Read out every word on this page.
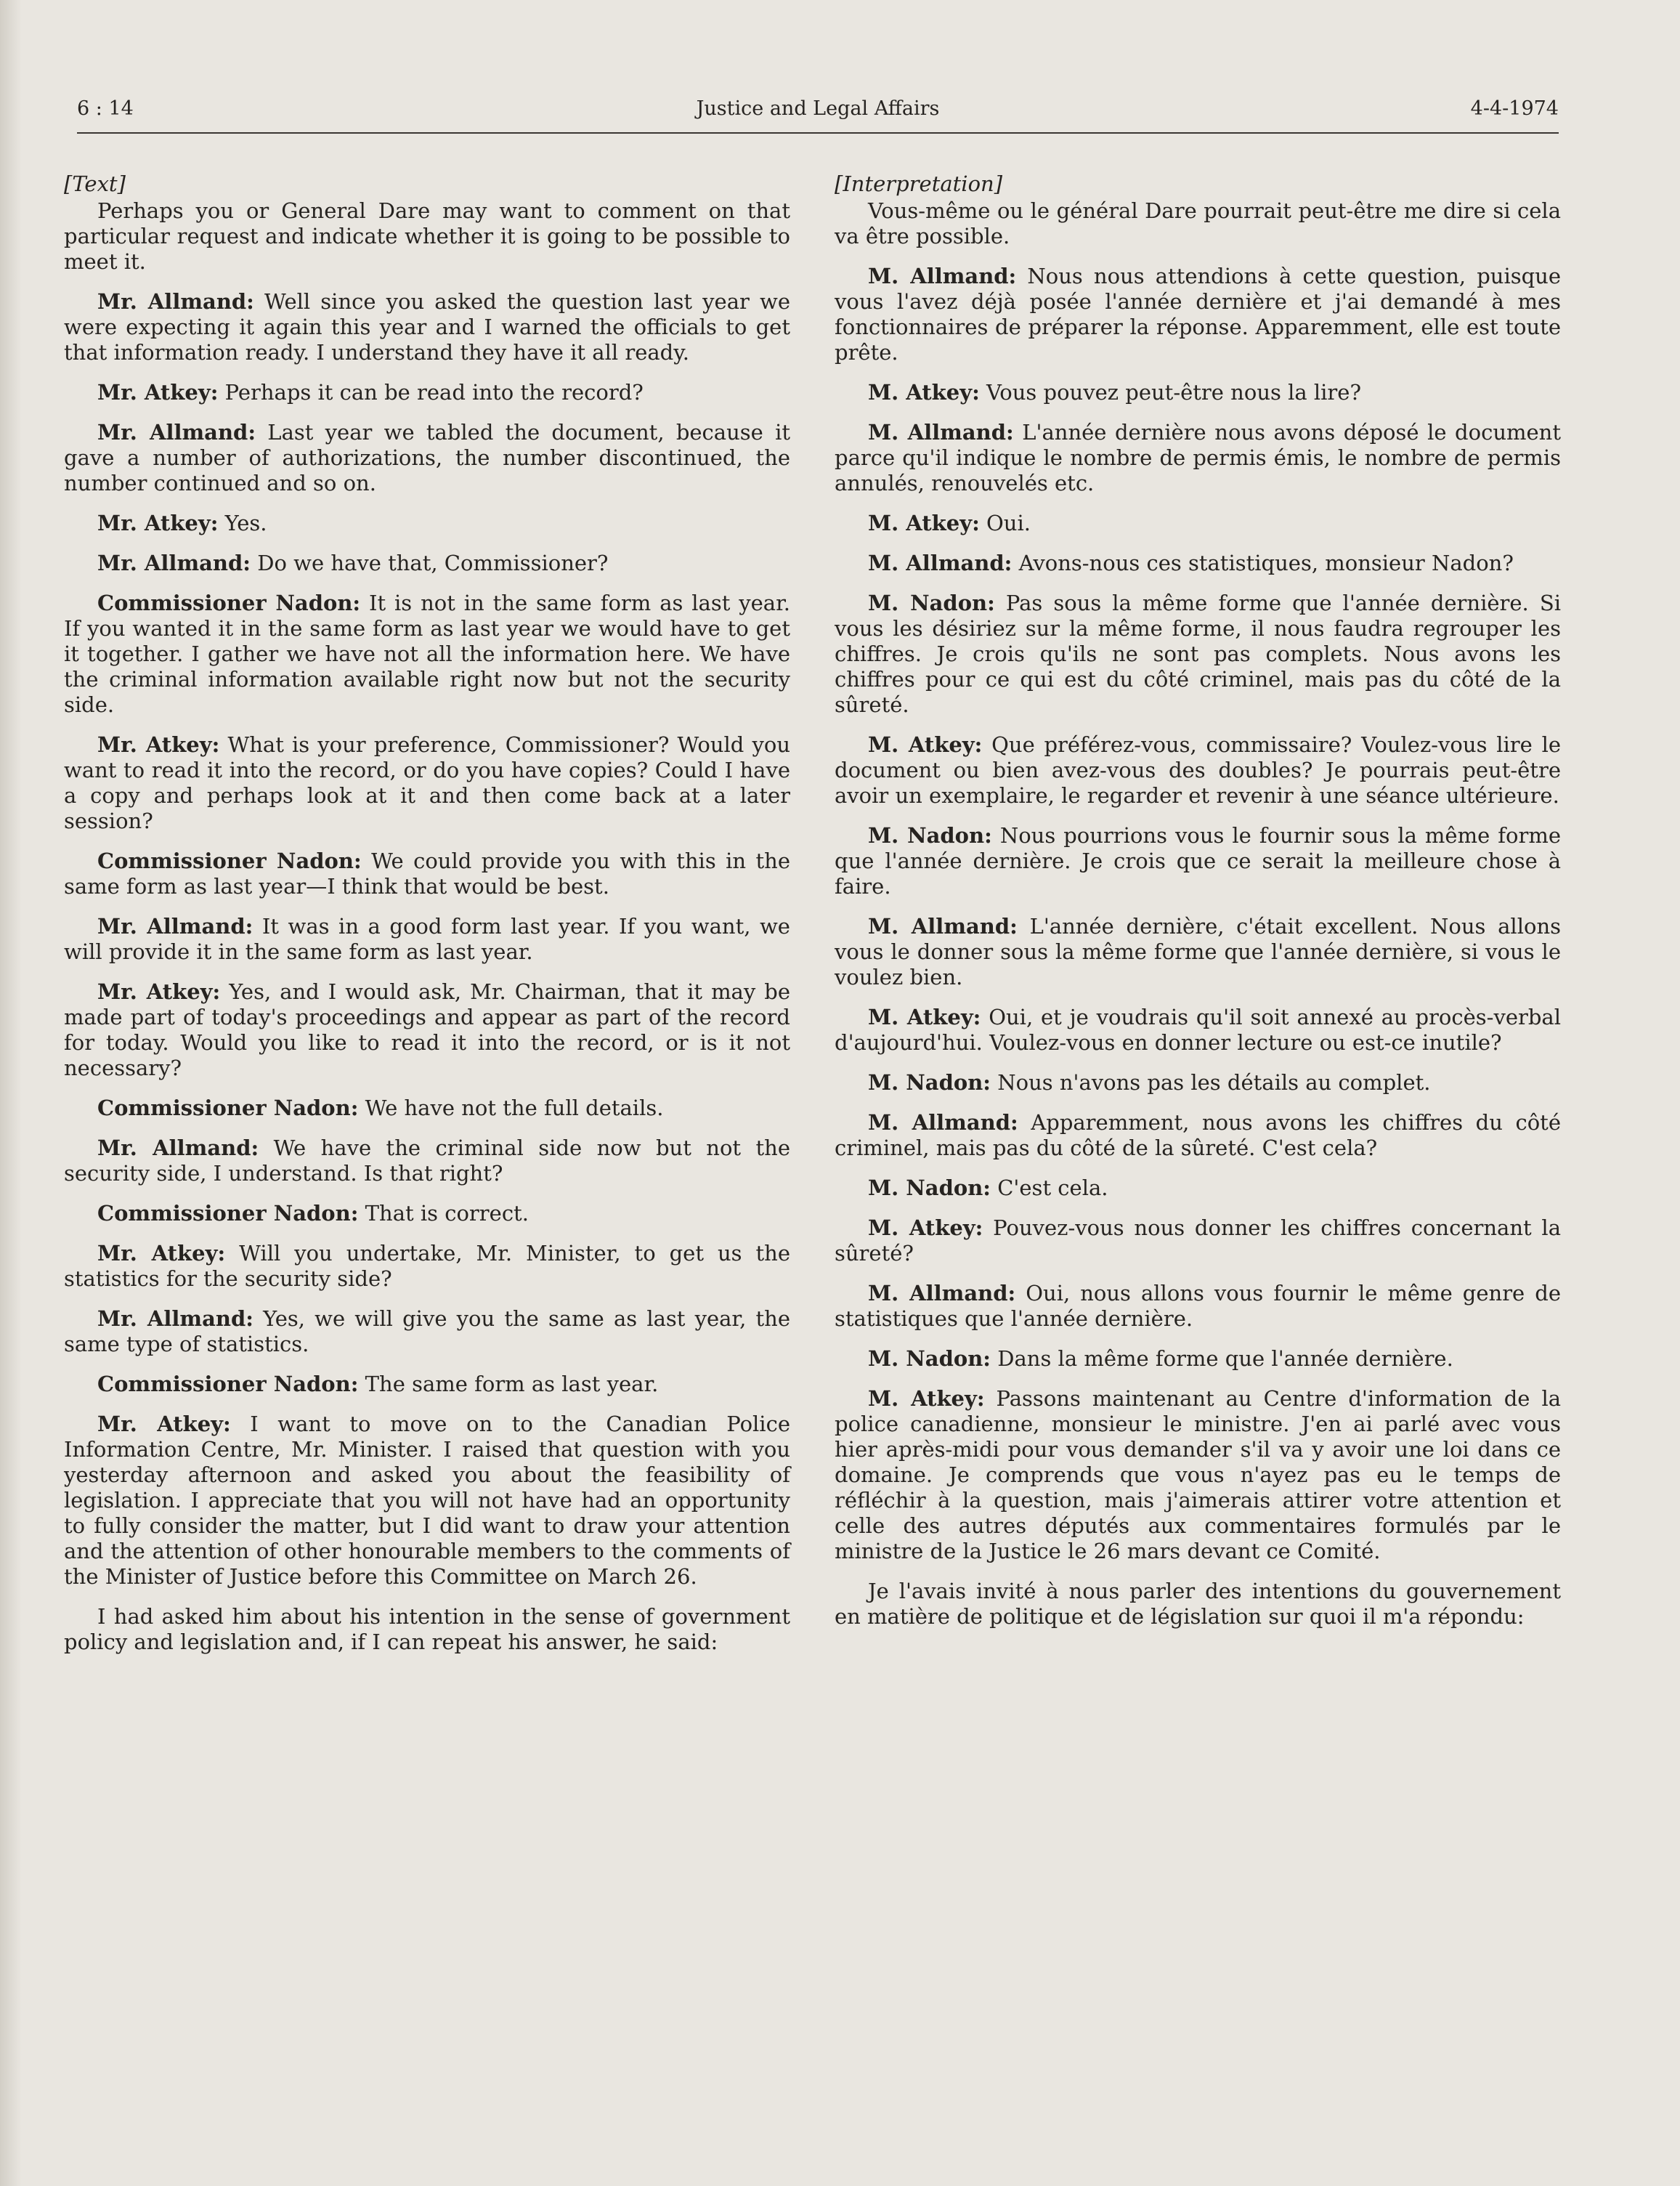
6 : 14	Justice and Legal Affairs	4-4-1974
[Text]

Perhaps you or General Dare may want to comment on that particular request and indicate whether it is going to be possible to meet it.

Mr. Allmand: Well since you asked the question last year we were expecting it again this year and I warned the officials to get that information ready. I understand they have it all ready.

Mr. Atkey: Perhaps it can be read into the record?

Mr. Allmand: Last year we tabled the document, because it gave a number of authorizations, the number discontinued, the number continued and so on.

Mr. Atkey: Yes.

Mr. Allmand: Do we have that, Commissioner?

Commissioner Nadon: It is not in the same form as last year. If you wanted it in the same form as last year we would have to get it together. I gather we have not all the information here. We have the criminal information available right now but not the security side.

Mr. Atkey: What is your preference, Commissioner? Would you want to read it into the record, or do you have copies? Could I have a copy and perhaps look at it and then come back at a later session?

Commissioner Nadon: We could provide you with this in the same form as last year—I think that would be best.

Mr. Allmand: It was in a good form last year. If you want, we will provide it in the same form as last year.

Mr. Atkey: Yes, and I would ask, Mr. Chairman, that it may be made part of today's proceedings and appear as part of the record for today. Would you like to read it into the record, or is it not necessary?

Commissioner Nadon: We have not the full details.

Mr. Allmand: We have the criminal side now but not the security side, I understand. Is that right?

Commissioner Nadon: That is correct.

Mr. Atkey: Will you undertake, Mr. Minister, to get us the statistics for the security side?

Mr. Allmand: Yes, we will give you the same as last year, the same type of statistics.

Commissioner Nadon: The same form as last year.

Mr. Atkey: I want to move on to the Canadian Police Information Centre, Mr. Minister. I raised that question with you yesterday afternoon and asked you about the feasibility of legislation. I appreciate that you will not have had an opportunity to fully consider the matter, but I did want to draw your attention and the attention of other honourable members to the comments of the Minister of Justice before this Committee on March 26.

I had asked him about his intention in the sense of government policy and legislation and, if I can repeat his answer, he said:

[Interpretation]

Vous-même ou le général Dare pourrait peut-être me dire si cela va être possible.

M. Allmand: Nous nous attendions à cette question, puisque vous l'avez déjà posée l'année dernière et j'ai demandé à mes fonctionnaires de préparer la réponse. Apparemment, elle est toute prête.

M. Atkey: Vous pouvez peut-être nous la lire?

M. Allmand: L'année dernière nous avons déposé le document parce qu'il indique le nombre de permis émis, le nombre de permis annulés, renouvelés etc.

M. Atkey: Oui.

M. Allmand: Avons-nous ces statistiques, monsieur Nadon?

M. Nadon: Pas sous la même forme que l'année dernière. Si vous les désiriez sur la même forme, il nous faudra regrouper les chiffres. Je crois qu'ils ne sont pas complets. Nous avons les chiffres pour ce qui est du côté criminel, mais pas du côté de la sûreté.

M. Atkey: Que préférez-vous, commissaire? Voulez-vous lire le document ou bien avez-vous des doubles? Je pourrais peut-être avoir un exemplaire, le regarder et revenir à une séance ultérieure.

M. Nadon: Nous pourrions vous le fournir sous la même forme que l'année dernière. Je crois que ce serait la meilleure chose à faire.

M. Allmand: L'année dernière, c'était excellent. Nous allons vous le donner sous la même forme que l'année dernière, si vous le voulez bien.

M. Atkey: Oui, et je voudrais qu'il soit annexé au procès-verbal d'aujourd'hui. Voulez-vous en donner lecture ou est-ce inutile?

M. Nadon: Nous n'avons pas les détails au complet.

M. Allmand: Apparemment, nous avons les chiffres du côté criminel, mais pas du côté de la sûreté. C'est cela?

M. Nadon: C'est cela.

M. Atkey: Pouvez-vous nous donner les chiffres concernant la sûreté?

M. Allmand: Oui, nous allons vous fournir le même genre de statistiques que l'année dernière.

M. Nadon: Dans la même forme que l'année dernière.

M. Atkey: Passons maintenant au Centre d'information de la police canadienne, monsieur le ministre. J'en ai parlé avec vous hier après-midi pour vous demander s'il va y avoir une loi dans ce domaine. Je comprends que vous n'ayez pas eu le temps de réfléchir à la question, mais j'aimerais attirer votre attention et celle des autres députés aux commentaires formulés par le ministre de la Justice le 26 mars devant ce Comité.

Je l'avais invité à nous parler des intentions du gouvernement en matière de politique et de législation sur quoi il m'a répondu:
